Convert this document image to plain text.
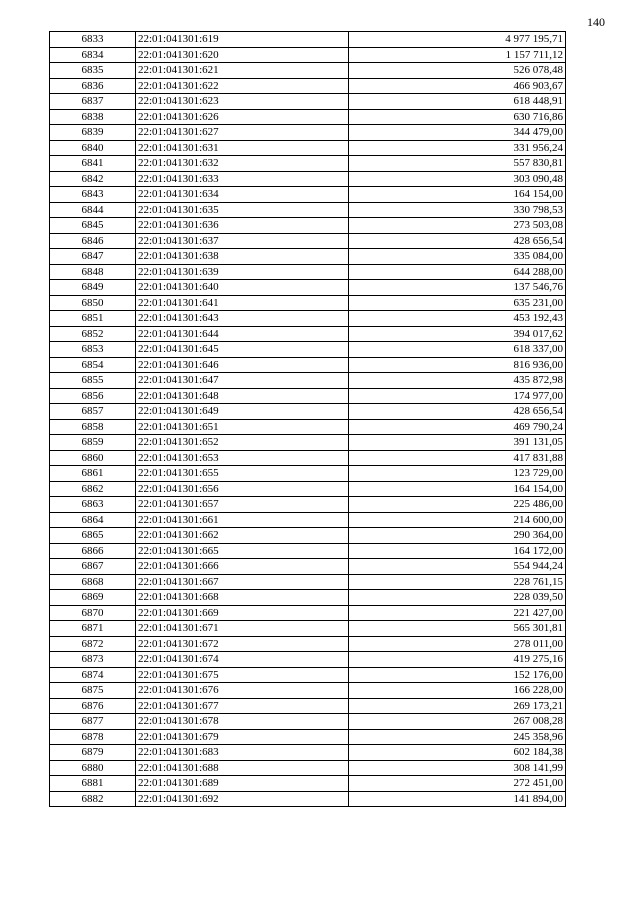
140
6833	22:01:041301:619	4 977 195,71
6834	22:01:041301:620	1 157 711,12
6835	22:01:041301:621	526 078,48
6836	22:01:041301:622	466 903,67
6837	22:01:041301:623	618 448,91
6838	22:01:041301:626	630 716,86
6839	22:01:041301:627	344 479,00
6840	22:01:041301:631	331 956,24
6841	22:01:041301:632	557 830,81
6842	22:01:041301:633	303 090,48
6843	22:01:041301:634	164 154,00
6844	22:01:041301:635	330 798,53
6845	22:01:041301:636	273 503,08
6846	22:01:041301:637	428 656,54
6847	22:01:041301:638	335 084,00
6848	22:01:041301:639	644 288,00
6849	22:01:041301:640	137 546,76
6850	22:01:041301:641	635 231,00
6851	22:01:041301:643	453 192,43
6852	22:01:041301:644	394 017,62
6853	22:01:041301:645	618 337,00
6854	22:01:041301:646	816 936,00
6855	22:01:041301:647	435 872,98
6856	22:01:041301:648	174 977,00
6857	22:01:041301:649	428 656,54
6858	22:01:041301:651	469 790,24
6859	22:01:041301:652	391 131,05
6860	22:01:041301:653	417 831,88
6861	22:01:041301:655	123 729,00
6862	22:01:041301:656	164 154,00
6863	22:01:041301:657	225 486,00
6864	22:01:041301:661	214 600,00
6865	22:01:041301:662	290 364,00
6866	22:01:041301:665	164 172,00
6867	22:01:041301:666	554 944,24
6868	22:01:041301:667	228 761,15
6869	22:01:041301:668	228 039,50
6870	22:01:041301:669	221 427,00
6871	22:01:041301:671	565 301,81
6872	22:01:041301:672	278 011,00
6873	22:01:041301:674	419 275,16
6874	22:01:041301:675	152 176,00
6875	22:01:041301:676	166 228,00
6876	22:01:041301:677	269 173,21
6877	22:01:041301:678	267 008,28
6878	22:01:041301:679	245 358,96
6879	22:01:041301:683	602 184,38
6880	22:01:041301:688	308 141,99
6881	22:01:041301:689	272 451,00
6882	22:01:041301:692	141 894,00
